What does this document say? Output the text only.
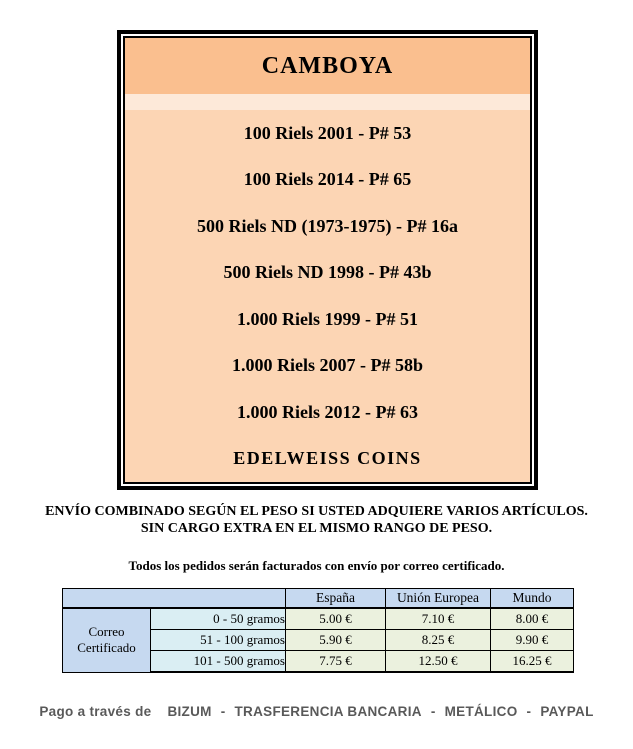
CAMBOYA
100 Riels 2001 - P# 53
100 Riels 2014 - P# 65
500 Riels ND (1973-1975) - P# 16a
500 Riels ND 1998 - P# 43b
1.000 Riels 1999 - P# 51
1.000 Riels 2007 - P# 58b
1.000 Riels 2012 - P# 63
EDELWEISS COINS
ENVÍO COMBINADO SEGÚN EL PESO SI USTED ADQUIERE VARIOS ARTÍCULOS.
SIN CARGO EXTRA EN EL MISMO RANGO DE PESO.
Todos los pedidos serán facturados con envío por correo certificado.
		España	Unión Europea	Mundo
Correo Certificado	0 - 50 gramos	5.00 €	7.10 €	8.00 €
	51 - 100 gramos	5.90 €	8.25 €	9.90 €
	101 - 500 gramos	7.75 €	12.50 €	16.25 €
Pago a través de BIZUM - TRASFERENCIA BANCARIA - METÁLICO - PAYPAL
